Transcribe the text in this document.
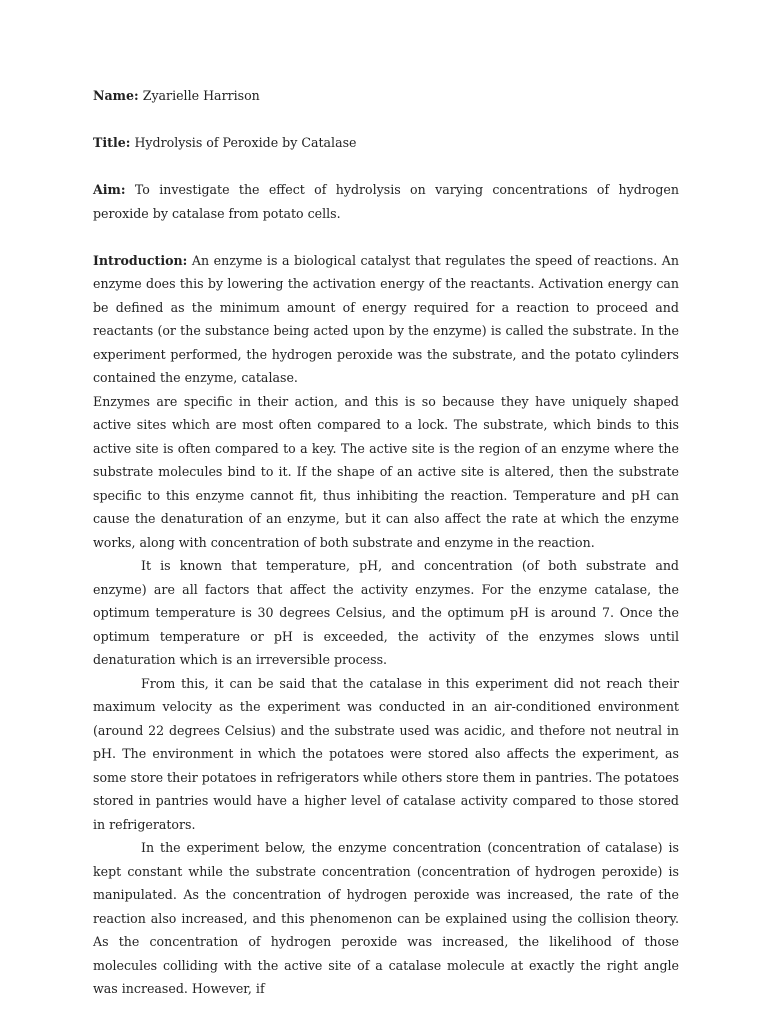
Name: Zyarielle Harrison

Title: Hydrolysis of Peroxide by Catalase

Aim: To investigate the effect of hydrolysis on varying concentrations of hydrogen peroxide by catalase from potato cells.

Introduction: An enzyme is a biological catalyst that regulates the speed of reactions. An enzyme does this by lowering the activation energy of the reactants. Activation energy can be defined as the minimum amount of energy required for a reaction to proceed and reactants (or the substance being acted upon by the enzyme) is called the substrate. In the experiment performed, the hydrogen peroxide was the substrate, and the potato cylinders contained the enzyme, catalase.

Enzymes are specific in their action, and this is so because they have uniquely shaped active sites which are most often compared to a lock. The substrate, which binds to this active site is often compared to a key. The active site is the region of an enzyme where the substrate molecules bind to it. If the shape of an active site is altered, then the substrate specific to this enzyme cannot fit, thus inhibiting the reaction. Temperature and pH can cause the denaturation of an enzyme, but it can also affect the rate at which the enzyme works, along with concentration of both substrate and enzyme in the reaction.

It is known that temperature, pH, and concentration (of both substrate and enzyme) are all factors that affect the activity enzymes. For the enzyme catalase, the optimum temperature is 30 degrees Celsius, and the optimum pH is around 7. Once the optimum temperature or pH is exceeded, the activity of the enzymes slows until denaturation which is an irreversible process.

From this, it can be said that the catalase in this experiment did not reach their maximum velocity as the experiment was conducted in an air-conditioned environment (around 22 degrees Celsius) and the substrate used was acidic, and thefore not neutral in pH. The environment in which the potatoes were stored also affects the experiment, as some store their potatoes in refrigerators while others store them in pantries. The potatoes stored in pantries would have a higher level of catalase activity compared to those stored in refrigerators.

In the experiment below, the enzyme concentration (concentration of catalase) is kept constant while the substrate concentration (concentration of hydrogen peroxide) is manipulated. As the concentration of hydrogen peroxide was increased, the rate of the reaction also increased, and this phenomenon can be explained using the collision theory. As the concentration of hydrogen peroxide was increased, the likelihood of those molecules colliding with the active site of a catalase molecule at exactly the right angle was increased. However, if
